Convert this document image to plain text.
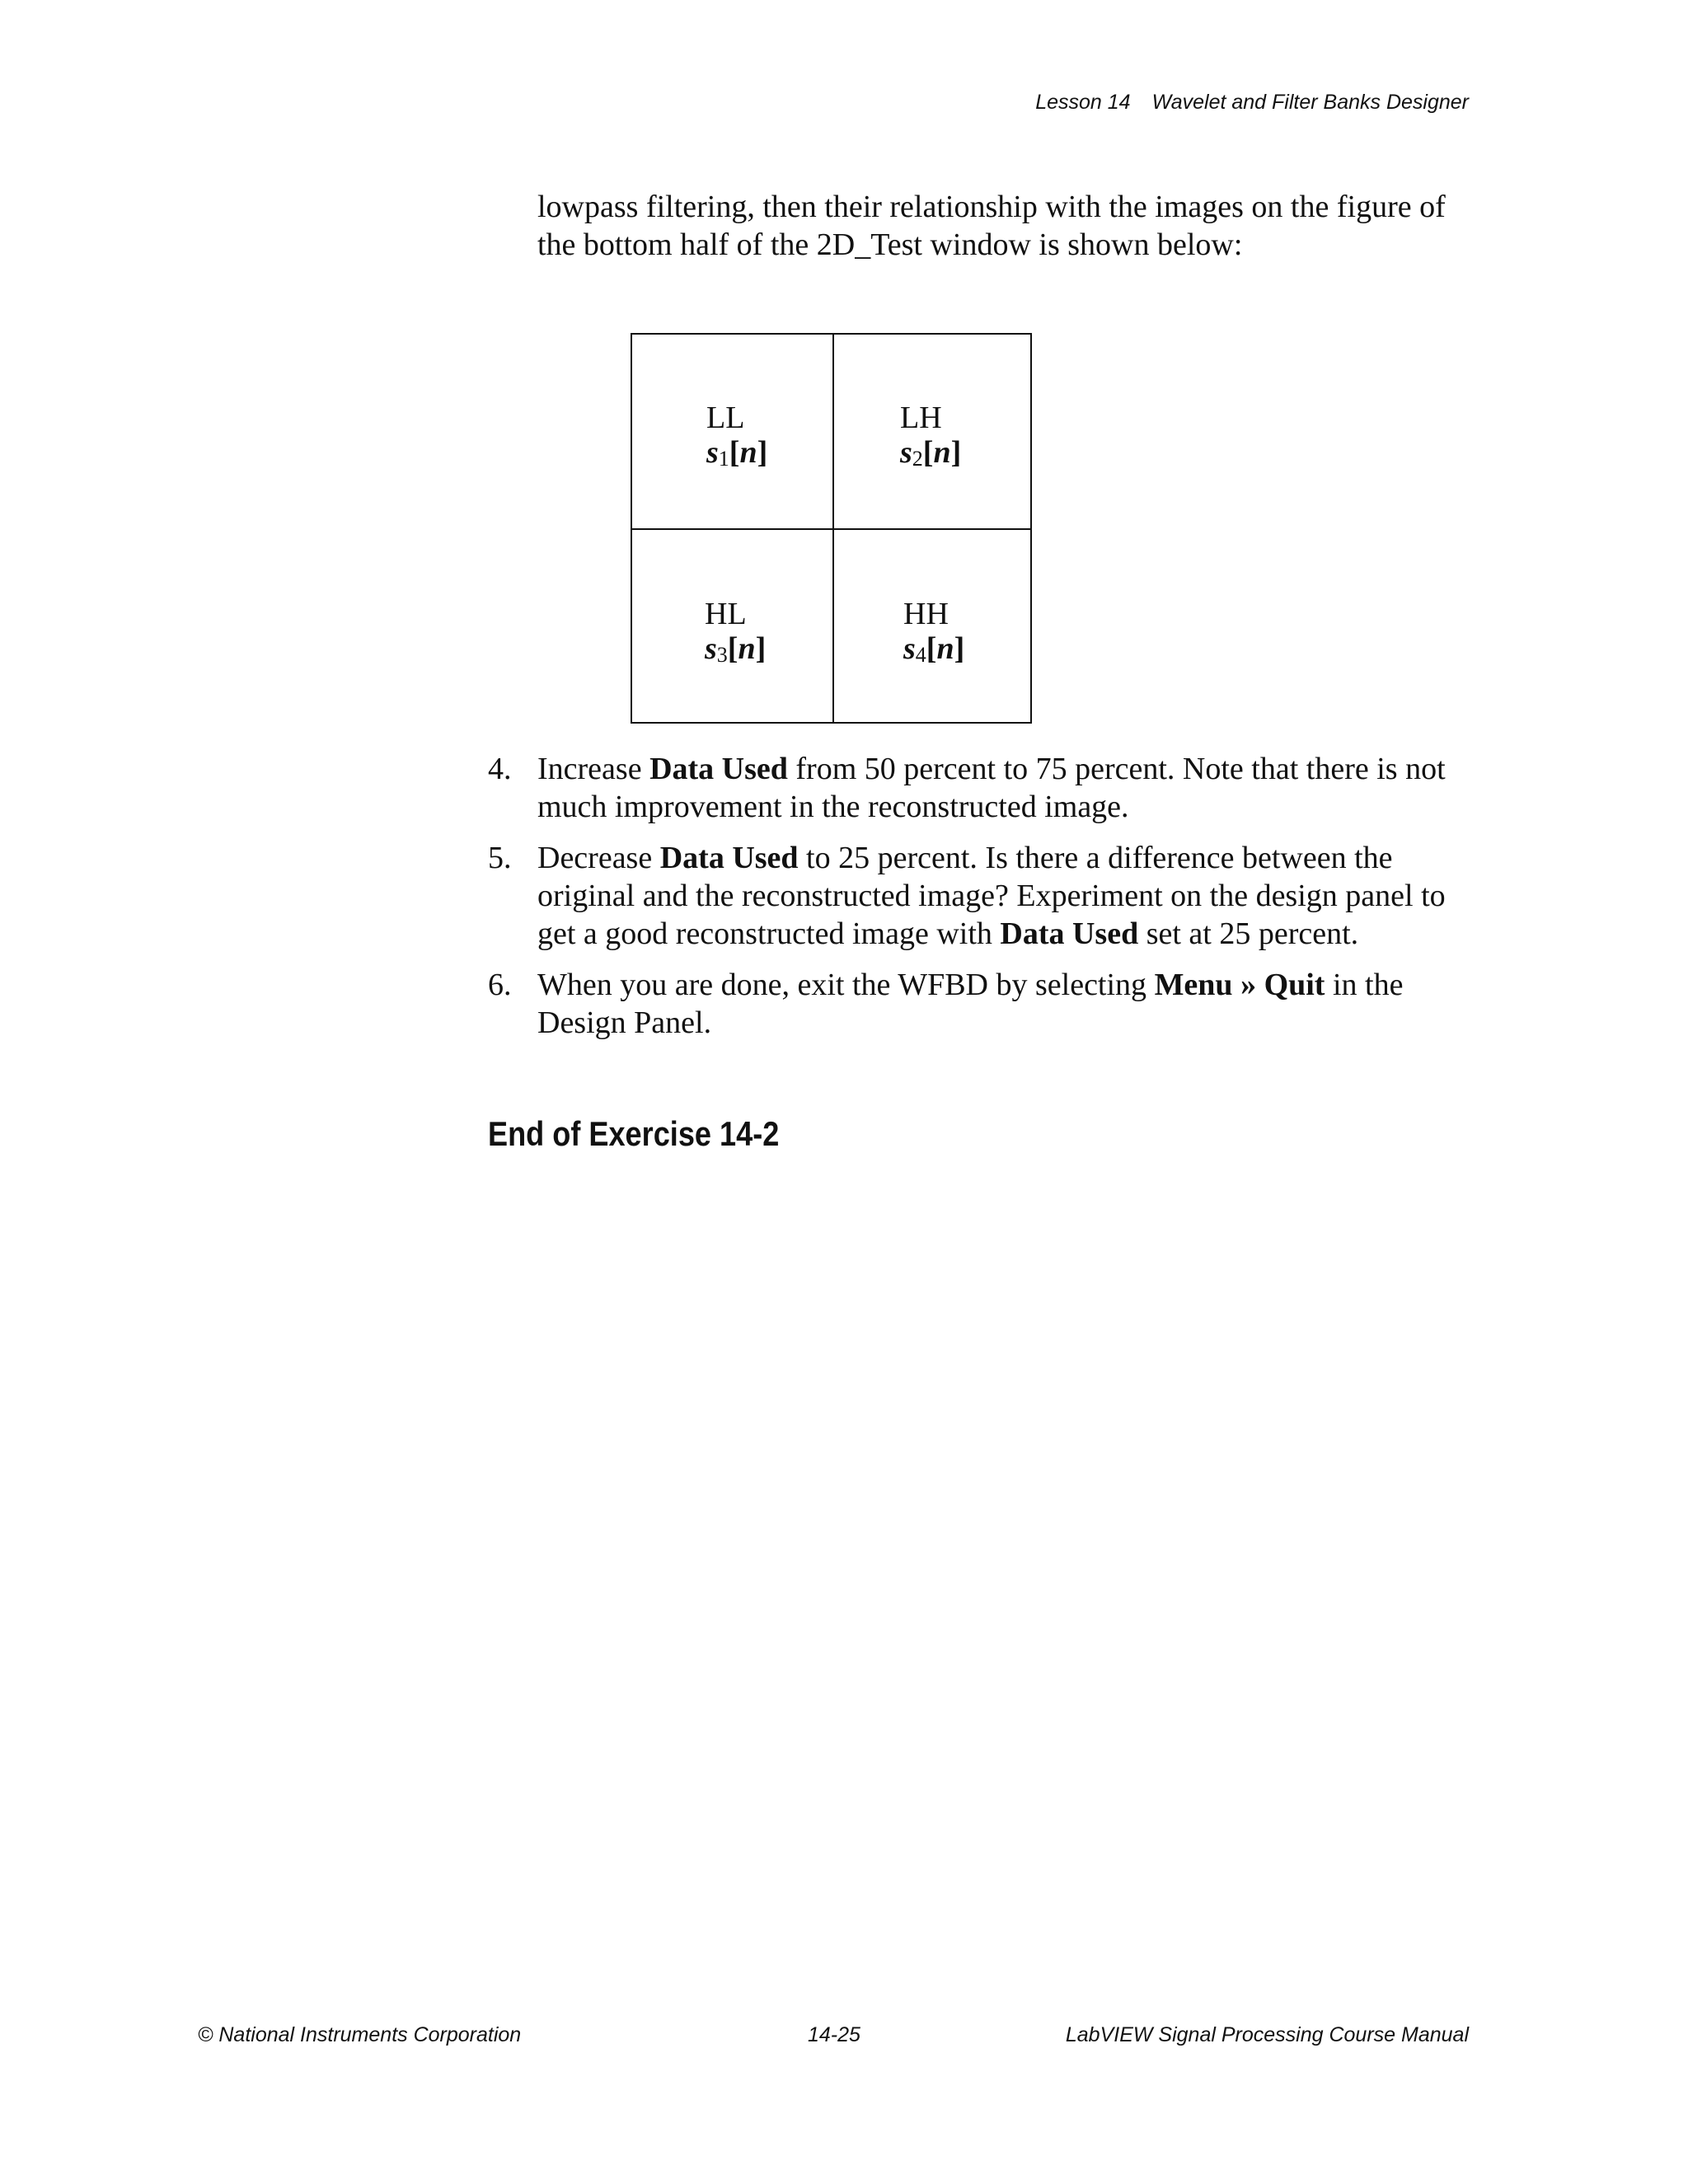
Lesson 14 Wavelet and Filter Banks Designer
lowpass filtering, then their relationship with the images on the figure of the bottom half of the 2D_Test window is shown below:
LL
$s_1[n]$
LH
$s_2[n]$
HL
$s_3[n]$
HH
$s_4[n]$
4. Increase Data Used from 50 percent to 75 percent. Note that there is not much improvement in the reconstructed image.
5. Decrease Data Used to 25 percent. Is there a difference between the original and the reconstructed image? Experiment on the design panel to get a good reconstructed image with Data Used set at 25 percent.
6. When you are done, exit the WFBD by selecting Menu » Quit in the Design Panel.
End of Exercise 14-2
© National Instruments Corporation	14-25	LabVIEW Signal Processing Course Manual
